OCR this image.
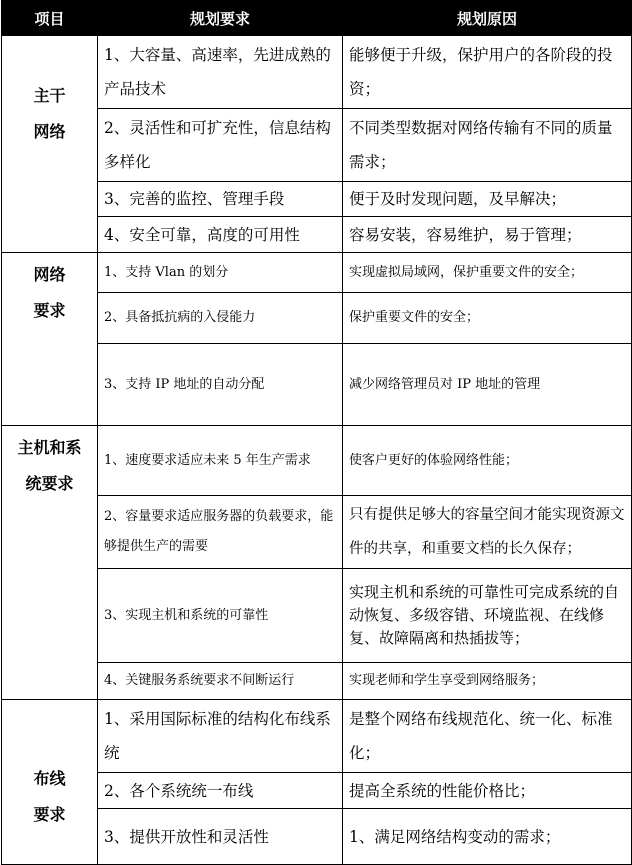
项目	规划要求	规划原因
主干
网络	1、大容量、高速率，先进成熟的产品技术	能够便于升级，保护用户的各阶段的投资；
	2、灵活性和可扩充性，信息结构多样化	不同类型数据对网络传输有不同的质量需求；
	3、完善的监控、管理手段	便于及时发现问题，及早解决；
	4、安全可靠，高度的可用性	容易安装，容易维护，易于管理；
网络
要求	1、支持 Vlan 的划分	实现虚拟局域网，保护重要文件的安全；
	2、具备抵抗病的入侵能力	保护重要文件的安全；
	3、支持 IP 地址的自动分配	减少网络管理员对 IP 地址的管理
主机和系
统要求	1、速度要求适应未来 5 年生产需求	使客户更好的体验网络性能；
	2、容量要求适应服务器的负载要求，能够提供生产的需要	只有提供足够大的容量空间才能实现资源文件的共享，和重要文档的长久保存；
	3、实现主机和系统的可靠性	实现主机和系统的可靠性可完成系统的自动恢复、多级容错、环境监视、在线修复、故障隔离和热插拔等；
	4、关键服务系统要求不间断运行	实现老师和学生享受到网络服务；
布线
要求	1、采用国际标准的结构化布线系统	是整个网络布线规范化、统一化、标准化；
	2、各个系统统一布线	提高全系统的性能价格比；
	3、提供开放性和灵活性	1、满足网络结构变动的需求；
